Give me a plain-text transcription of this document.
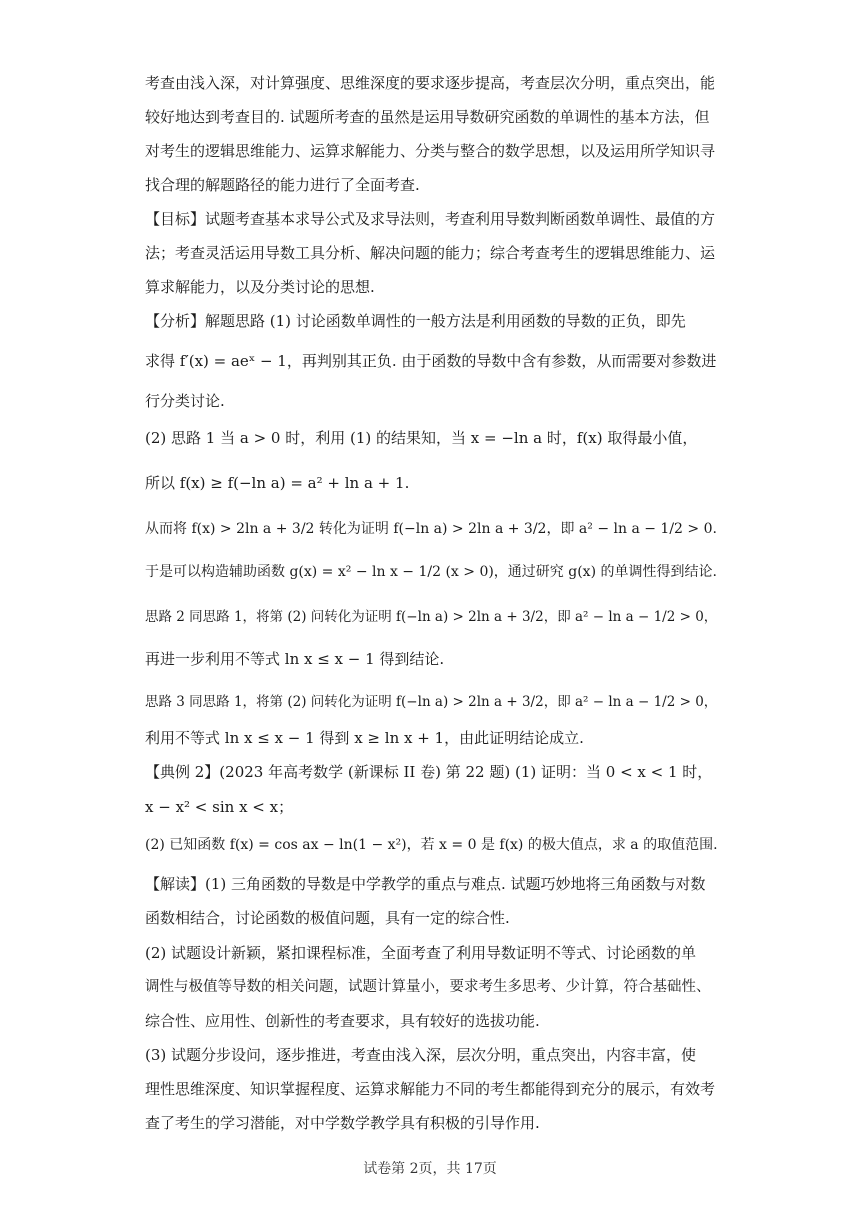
考查由浅入深，对计算强度、思维深度的要求逐步提高，考查层次分明，重点突出，能
较好地达到考查目的. 试题所考查的虽然是运用导数研究函数的单调性的基本方法，但
对考生的逻辑思维能力、运算求解能力、分类与整合的数学思想，以及运用所学知识寻
找合理的解题路径的能力进行了全面考查.
【目标】试题考查基本求导公式及求导法则，考查利用导数判断函数单调性、最值的方
法；考查灵活运用导数工具分析、解决问题的能力；综合考查考生的逻辑思维能力、运
算求解能力，以及分类讨论的思想.
【分析】解题思路 (1) 讨论函数单调性的一般方法是利用函数的导数的正负，即先
求得 f′(x) = aeˣ − 1，再判别其正负. 由于函数的导数中含有参数，从而需要对参数进
行分类讨论.
(2) 思路 1 当 a > 0 时，利用 (1) 的结果知，当 x = −ln a 时，f(x) 取得最小值，
所以 f(x) ≥ f(−ln a) = a² + ln a + 1.
从而将 f(x) > 2ln a + 3/2 转化为证明 f(−ln a) > 2ln a + 3/2，即 a² − ln a − 1/2 > 0.
于是可以构造辅助函数 g(x) = x² − ln x − 1/2 (x > 0)，通过研究 g(x) 的单调性得到结论.
思路 2 同思路 1，将第 (2) 问转化为证明 f(−ln a) > 2ln a + 3/2，即 a² − ln a − 1/2 > 0，
再进一步利用不等式 ln x ≤ x − 1 得到结论.
思路 3 同思路 1，将第 (2) 问转化为证明 f(−ln a) > 2ln a + 3/2，即 a² − ln a − 1/2 > 0，
利用不等式 ln x ≤ x − 1 得到 x ≥ ln x + 1，由此证明结论成立.
【典例 2】(2023 年高考数学 (新课标 II 卷) 第 22 题) (1) 证明：当 0 < x < 1 时，
x − x² < sin x < x；
(2) 已知函数 f(x) = cos ax − ln(1 − x²)，若 x = 0 是 f(x) 的极大值点，求 a 的取值范围.
【解读】(1) 三角函数的导数是中学教学的重点与难点. 试题巧妙地将三角函数与对数
函数相结合，讨论函数的极值问题，具有一定的综合性.
(2) 试题设计新颖，紧扣课程标准，全面考查了利用导数证明不等式、讨论函数的单
调性与极值等导数的相关问题，试题计算量小，要求考生多思考、少计算，符合基础性、
综合性、应用性、创新性的考查要求，具有较好的选拔功能.
(3) 试题分步设问，逐步推进，考查由浅入深，层次分明，重点突出，内容丰富，使
理性思维深度、知识掌握程度、运算求解能力不同的考生都能得到充分的展示，有效考
查了考生的学习潜能，对中学数学教学具有积极的引导作用.
试卷第 2页，共 17页
